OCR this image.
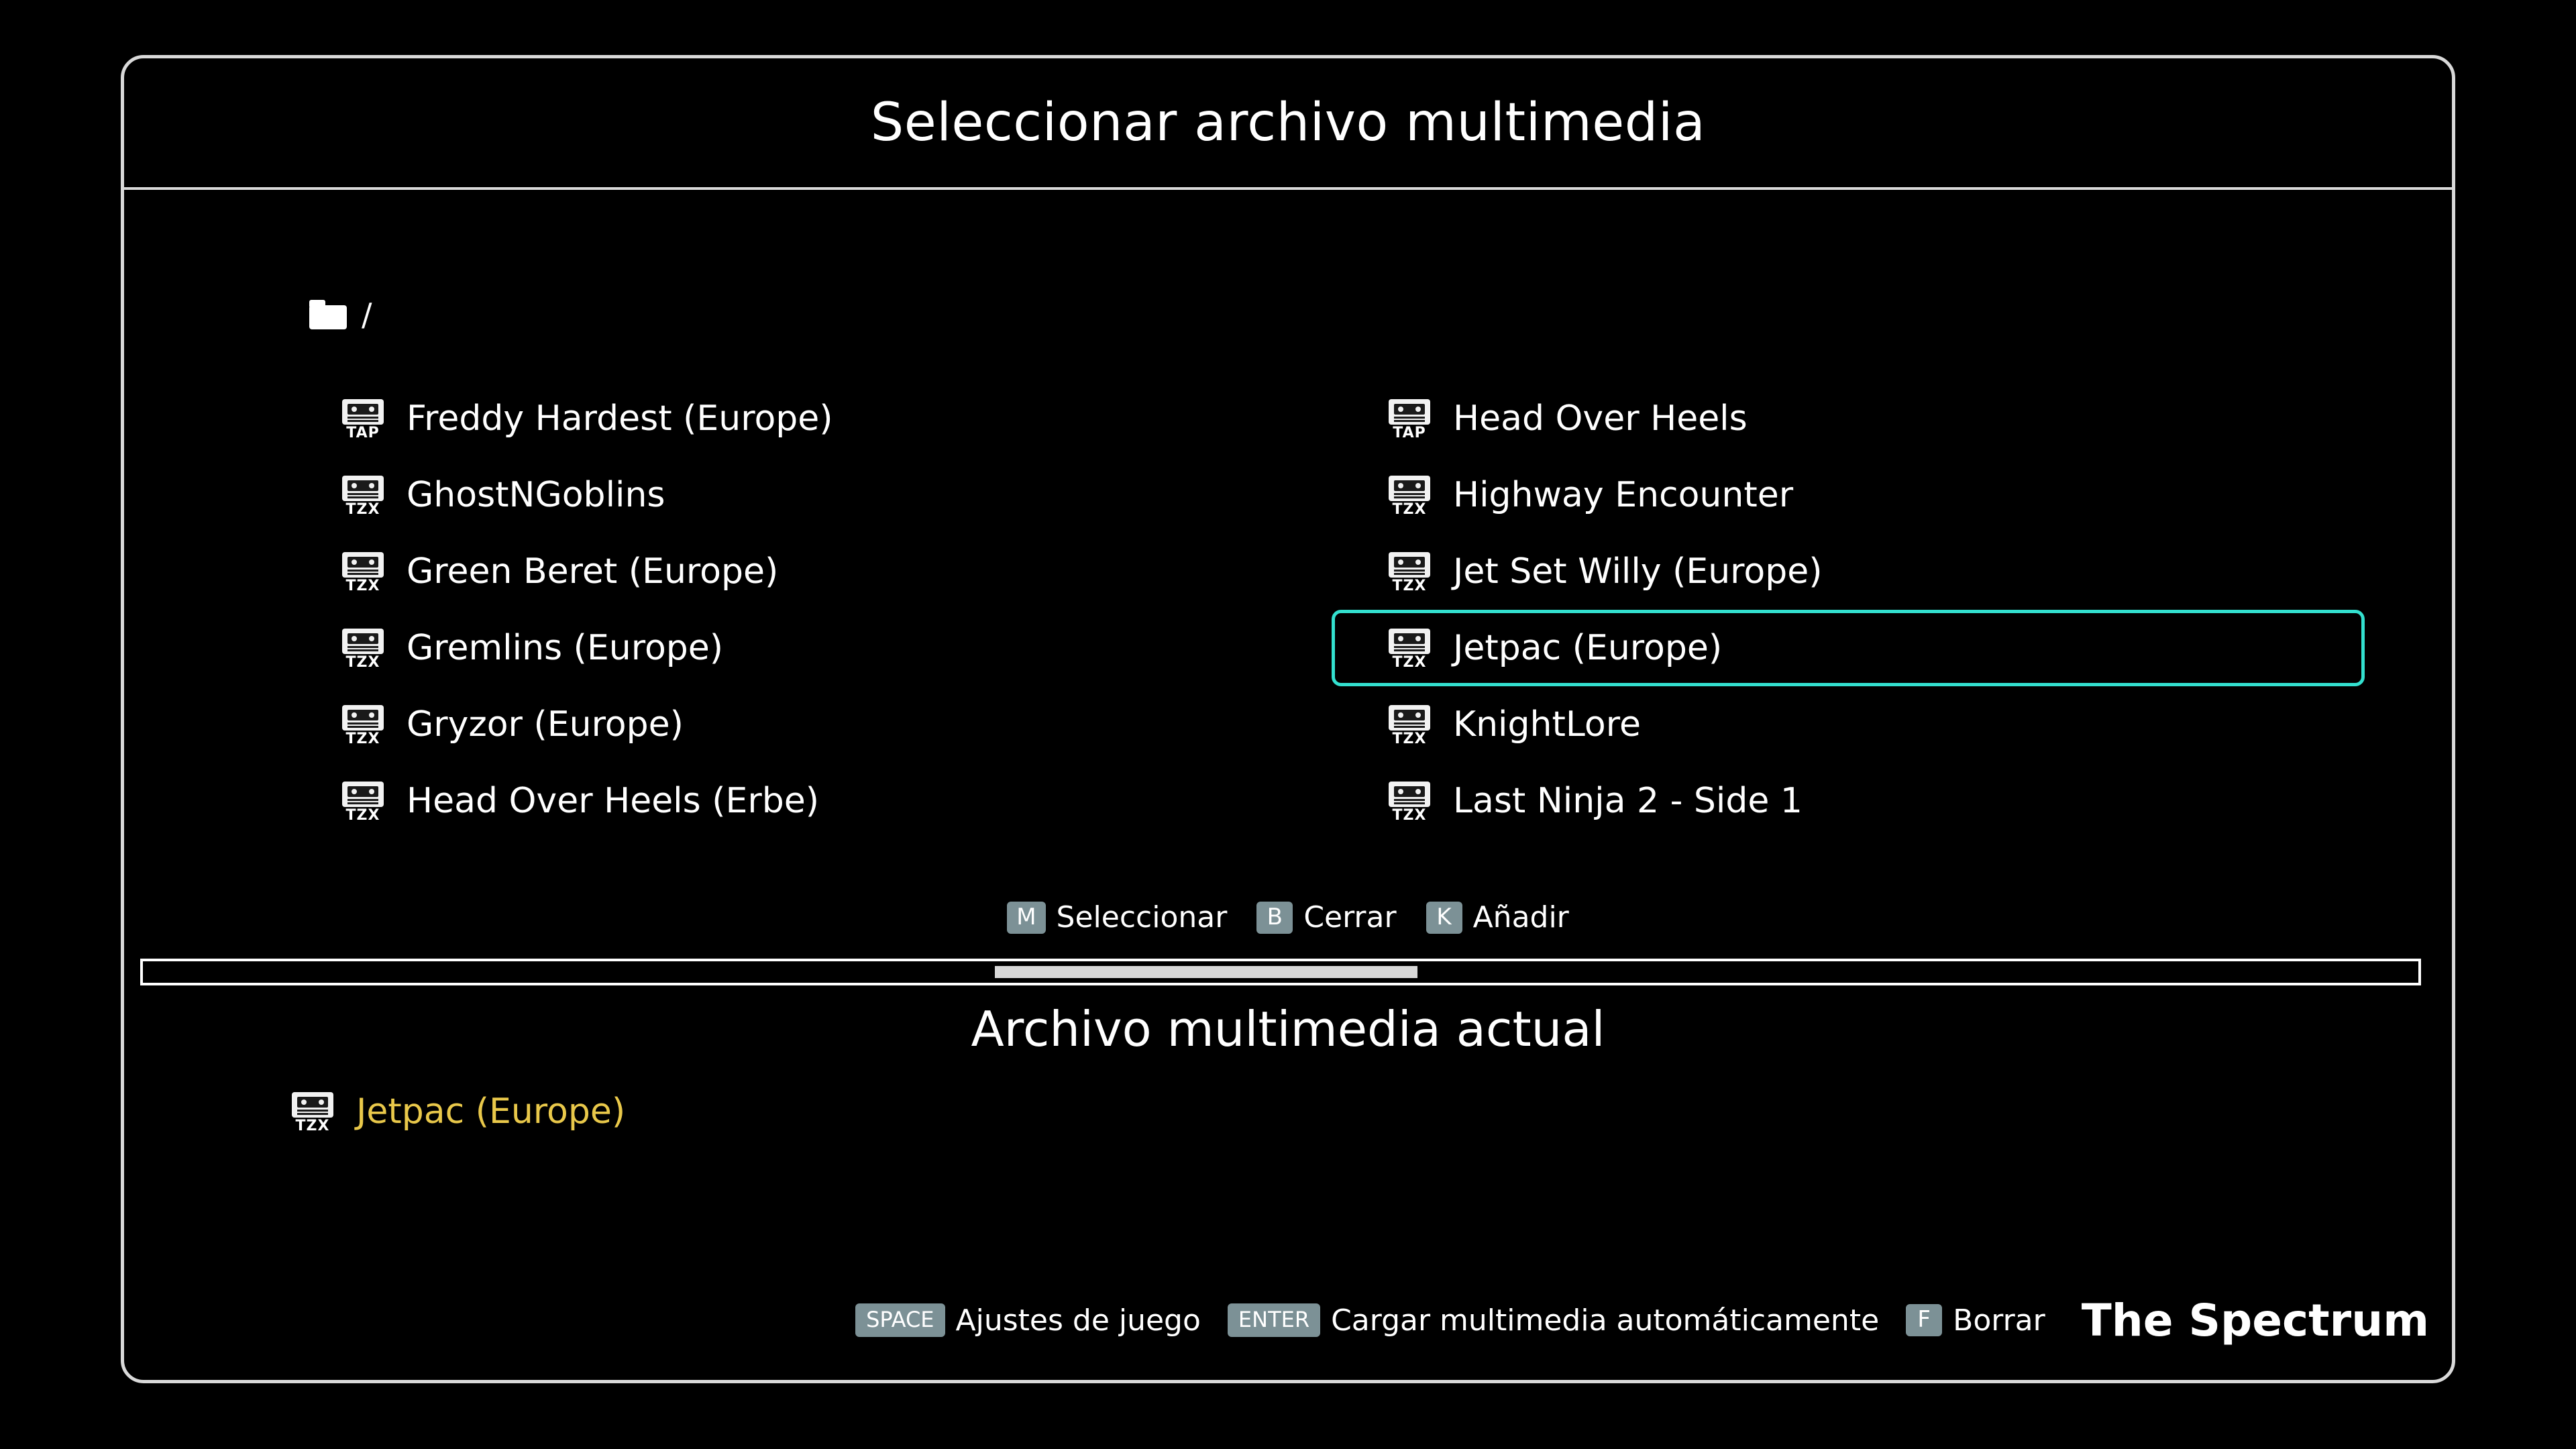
Seleccionar archivo multimedia
/
TAP Freddy Hardest (Europe)
TZX GhostNGoblins
TZX Green Beret (Europe)
TZX Gremlins (Europe)
TZX Gryzor (Europe)
TZX Head Over Heels (Erbe)
TAP Head Over Heels
TZX Highway Encounter
TZX Jet Set Willy (Europe)
TZX Jetpac (Europe)
TZX KnightLore
TZX Last Ninja 2 - Side 1
M Seleccionar	B Cerrar	K Añadir
Archivo multimedia actual
TZX Jetpac (Europe)
SPACE Ajustes de juego	ENTER Cargar multimedia automáticamente	F Borrar The Spectrum
